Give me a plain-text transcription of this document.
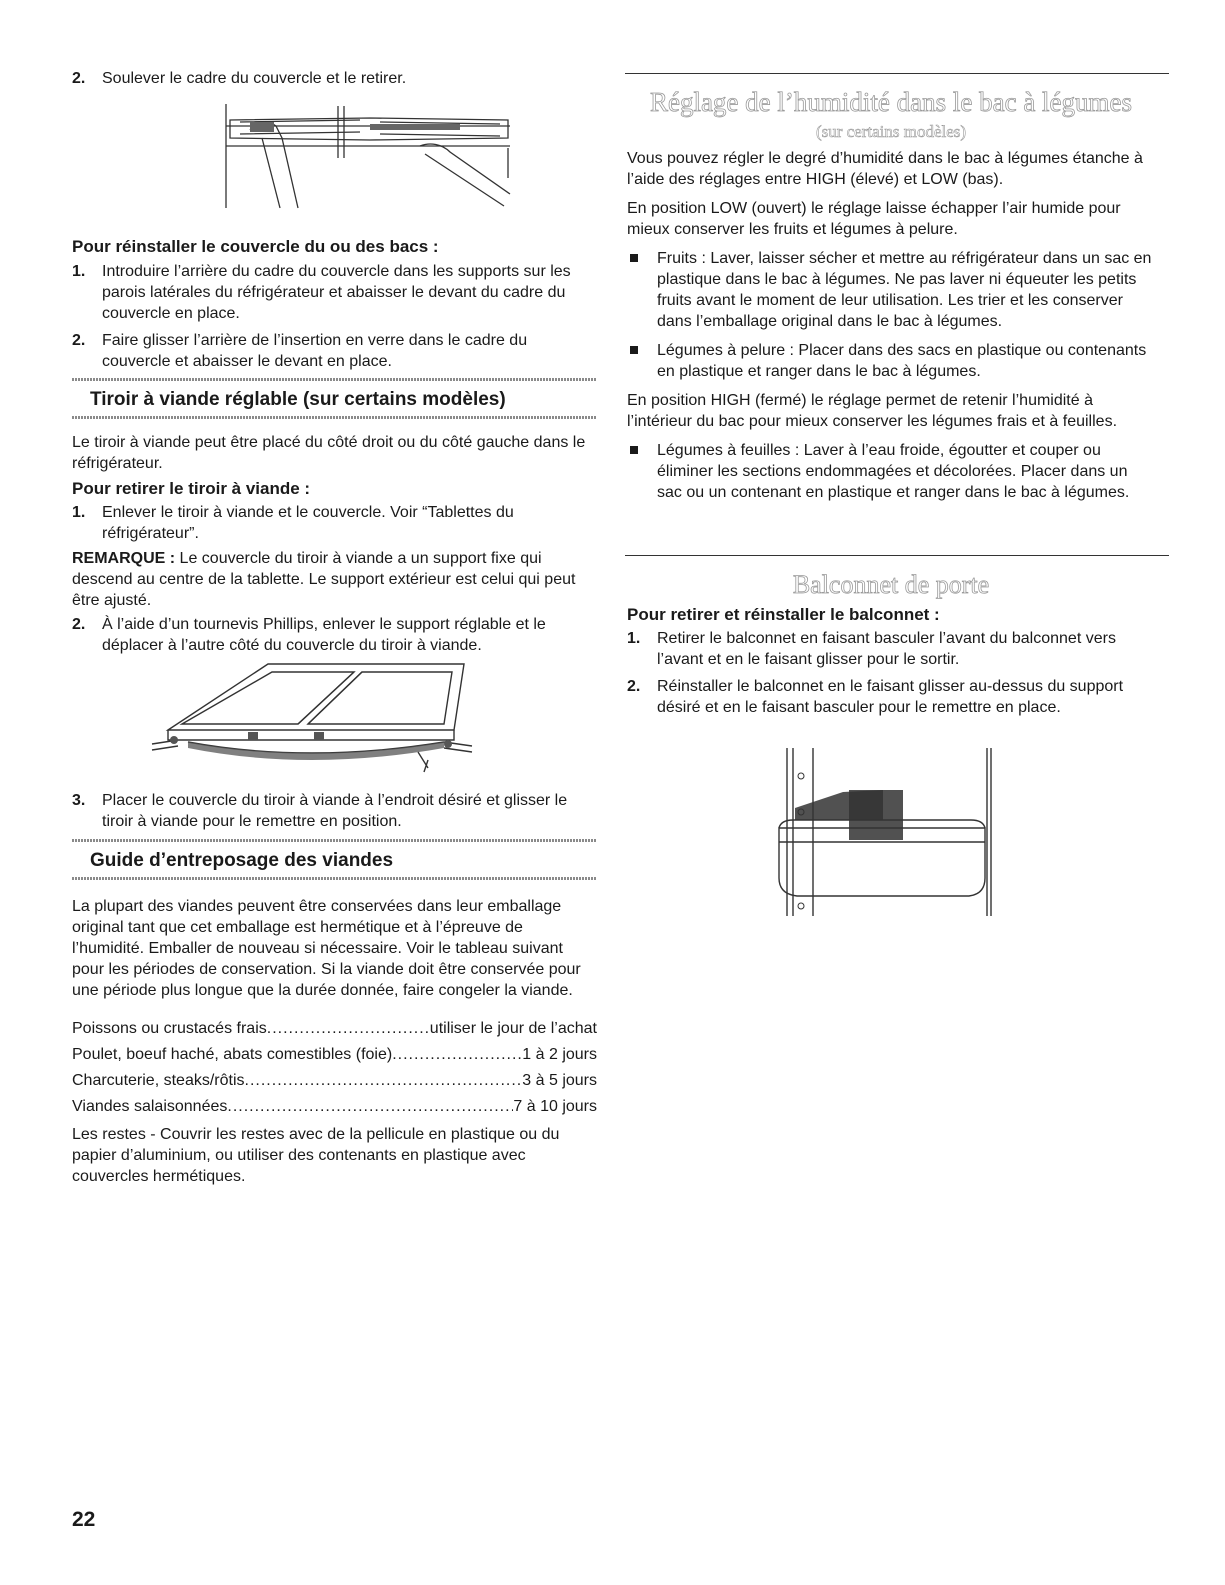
2. Soulever le cadre du couvercle et le retirer.

Pour réinstaller le couvercle du ou des bacs :

1. Introduire l’arrière du cadre du couvercle dans les supports sur les parois latérales du réfrigérateur et abaisser le devant du cadre du couvercle en place.
2. Faire glisser l’arrière de l’insertion en verre dans le cadre du couvercle et abaisser le devant en place.
Tiroir à viande réglable (sur certains modèles)

Le tiroir à viande peut être placé du côté droit ou du côté gauche dans le réfrigérateur.

Pour retirer le tiroir à viande :

1. Enlever le tiroir à viande et le couvercle. Voir “Tablettes du réfrigérateur”.

REMARQUE : Le couvercle du tiroir à viande a un support fixe qui descend au centre de la tablette. Le support extérieur est celui qui peut être ajusté.

2. À l’aide d’un tournevis Phillips, enlever le support réglable et le déplacer à l’autre côté du couvercle du tiroir à viande.
3. Placer le couvercle du tiroir à viande à l’endroit désiré et glisser le tiroir à viande pour le remettre en position.
Guide d’entreposage des viandes

La plupart des viandes peuvent être conservées dans leur emballage original tant que cet emballage est hermétique et à l’épreuve de l’humidité. Emballer de nouveau si nécessaire. Voir le tableau suivant pour les périodes de conservation. Si la viande doit être conservée pour une période plus longue que la durée donnée, faire congeler la viande.

Poissons ou crustacés frais .....	utiliser le jour de l’achat
Poulet, boeuf haché, abats comestibles (foie) .....	1 à 2 jours
Charcuterie, steaks/rôtis .....	3 à 5 jours
Viandes salaisonnées .....	7 à 10 jours

Les restes - Couvrir les restes avec de la pellicule en plastique ou du papier d’aluminium, ou utiliser des contenants en plastique avec couvercles hermétiques.

Réglage de l’humidité dans le bac à légumes
(sur certains modèles)

Vous pouvez régler le degré d’humidité dans le bac à légumes étanche à l’aide des réglages entre HIGH (élevé) et LOW (bas).

En position LOW (ouvert) le réglage laisse échapper l’air humide pour mieux conserver les fruits et légumes à pelure.

Fruits : Laver, laisser sécher et mettre au réfrigérateur dans un sac en plastique dans le bac à légumes. Ne pas laver ni équeuter les petits fruits avant le moment de leur utilisation. Les trier et les conserver dans l’emballage original dans le bac à légumes.
Légumes à pelure : Placer dans des sacs en plastique ou contenants en plastique et ranger dans le bac à légumes.

En position HIGH (fermé) le réglage permet de retenir l’humidité à l’intérieur du bac pour mieux conserver les légumes frais et à feuilles.

Légumes à feuilles : Laver à l’eau froide, égoutter et couper ou éliminer les sections endommagées et décolorées. Placer dans un sac ou un contenant en plastique et ranger dans le bac à légumes.
Balconnet de porte

Pour retirer et réinstaller le balconnet :

1. Retirer le balconnet en faisant basculer l’avant du balconnet vers l’avant et en le faisant glisser pour le sortir.
2. Réinstaller le balconnet en le faisant glisser au-dessus du support désiré et en le faisant basculer pour le remettre en place.
22
